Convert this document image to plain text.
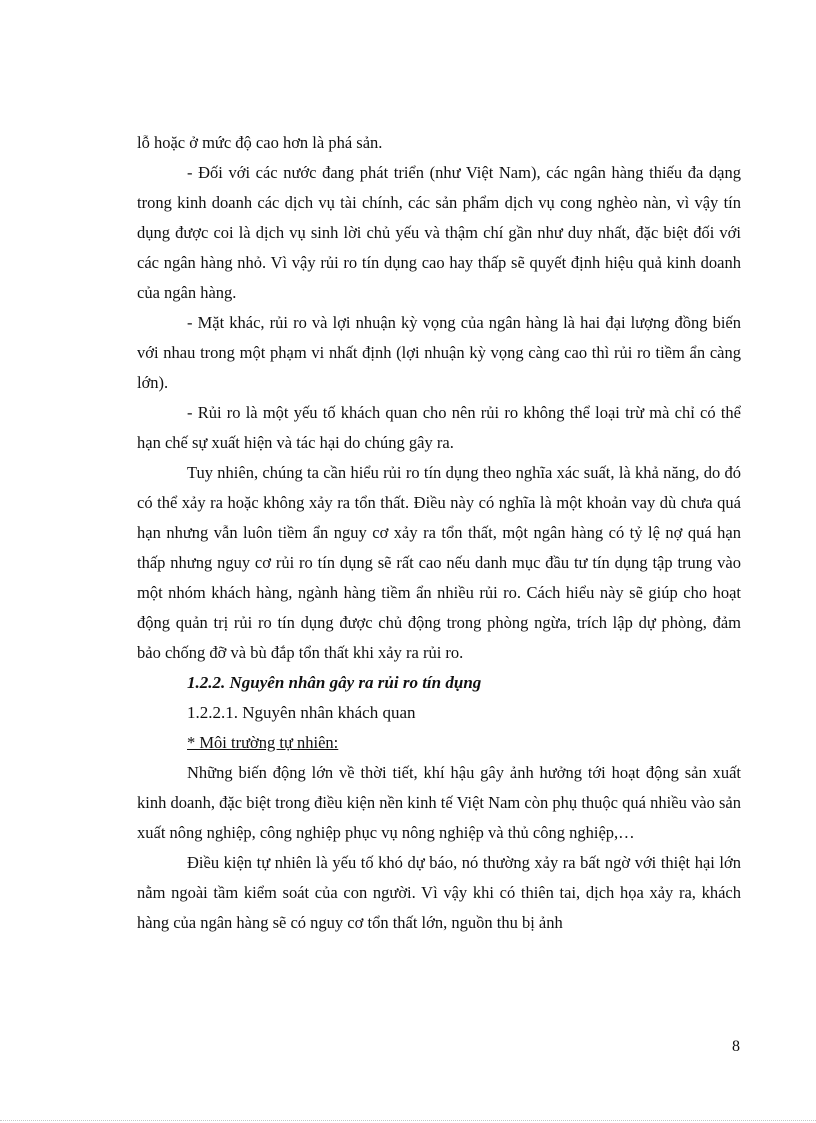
lỗ hoặc ở mức độ cao hơn là phá sản.

- Đối với các nước đang phát triển (như Việt Nam), các ngân hàng thiếu đa dạng trong kinh doanh các dịch vụ tài chính, các sản phẩm dịch vụ cong nghèo nàn, vì vậy tín dụng được coi là dịch vụ sinh lời chủ yếu và thậm chí gần như duy nhất, đặc biệt đối với các ngân hàng nhỏ. Vì vậy rủi ro tín dụng cao hay thấp sẽ quyết định hiệu quả kinh doanh của ngân hàng.

- Mặt khác, rủi ro và lợi nhuận kỳ vọng của ngân hàng là hai đại lượng đồng biến với nhau trong một phạm vi nhất định (lợi nhuận kỳ vọng càng cao thì rủi ro tiềm ẩn càng lớn).

- Rủi ro là một yếu tố khách quan cho nên rủi ro không thể loại trừ mà chỉ có thể hạn chế sự xuất hiện và tác hại do chúng gây ra.

Tuy nhiên, chúng ta cần hiểu rủi ro tín dụng theo nghĩa xác suất, là khả năng, do đó có thể xảy ra hoặc không xảy ra tổn thất. Điều này có nghĩa là một khoản vay dù chưa quá hạn nhưng vẫn luôn tiềm ẩn nguy cơ xảy ra tổn thất, một ngân hàng có tỷ lệ nợ quá hạn thấp nhưng nguy cơ rủi ro tín dụng sẽ rất cao nếu danh mục đầu tư tín dụng tập trung vào một nhóm khách hàng, ngành hàng tiềm ẩn nhiều rủi ro. Cách hiểu này sẽ giúp cho hoạt động quản trị rủi ro tín dụng được chủ động trong phòng ngừa, trích lập dự phòng, đảm bảo chống đỡ và bù đắp tổn thất khi xảy ra rủi ro.

1.2.2. Nguyên nhân gây ra rủi ro tín dụng

1.2.2.1. Nguyên nhân khách quan

* Môi trường tự nhiên:

Những biến động lớn về thời tiết, khí hậu gây ảnh hưởng tới hoạt động sản xuất kinh doanh, đặc biệt trong điều kiện nền kinh tế Việt Nam còn phụ thuộc quá nhiều vào sản xuất nông nghiệp, công nghiệp phục vụ nông nghiệp và thủ công nghiệp,…

Điều kiện tự nhiên là yếu tố khó dự báo, nó thường xảy ra bất ngờ với thiệt hại lớn nằm ngoài tầm kiểm soát của con người. Vì vậy khi có thiên tai, dịch họa xảy ra, khách hàng của ngân hàng sẽ có nguy cơ tổn thất lớn, nguồn thu bị ảnh

8
